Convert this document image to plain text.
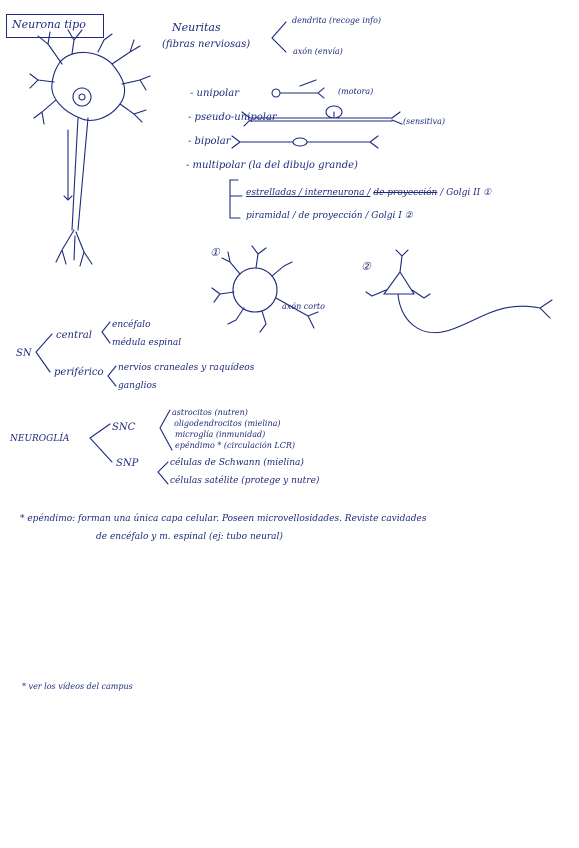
Neurona tipo	Neuritas
(fibras nerviosas)
dendrita (recoge info)
axón (envía)
- unipolar	(motora)
- pseudo-unipolar	(sensitiva)
- bipolar
- multipolar (la del dibujo grande)
estrelladas / interneurona / de proyección / Golgi II ①
piramidal / de proyección / Golgi I ②
①
axón corto
②
SN
central
encéfalo
médula espinal
periférico nervios craneales y raquídeos
ganglios
NEUROGLÍA
SNC
astrocitos (nutren)
oligodendrocitos (mielina)
microglía (inmunidad)
epéndimo * (circulación LCR)
SNP	células de Schwann (mielina)
células satélite (protege y nutre)
* epéndimo: forman una única capa celular. Poseen microvellosidades. Reviste cavidades
de encéfalo y m. espinal (ej: tubo neural)
* ver los vídeos del campus
